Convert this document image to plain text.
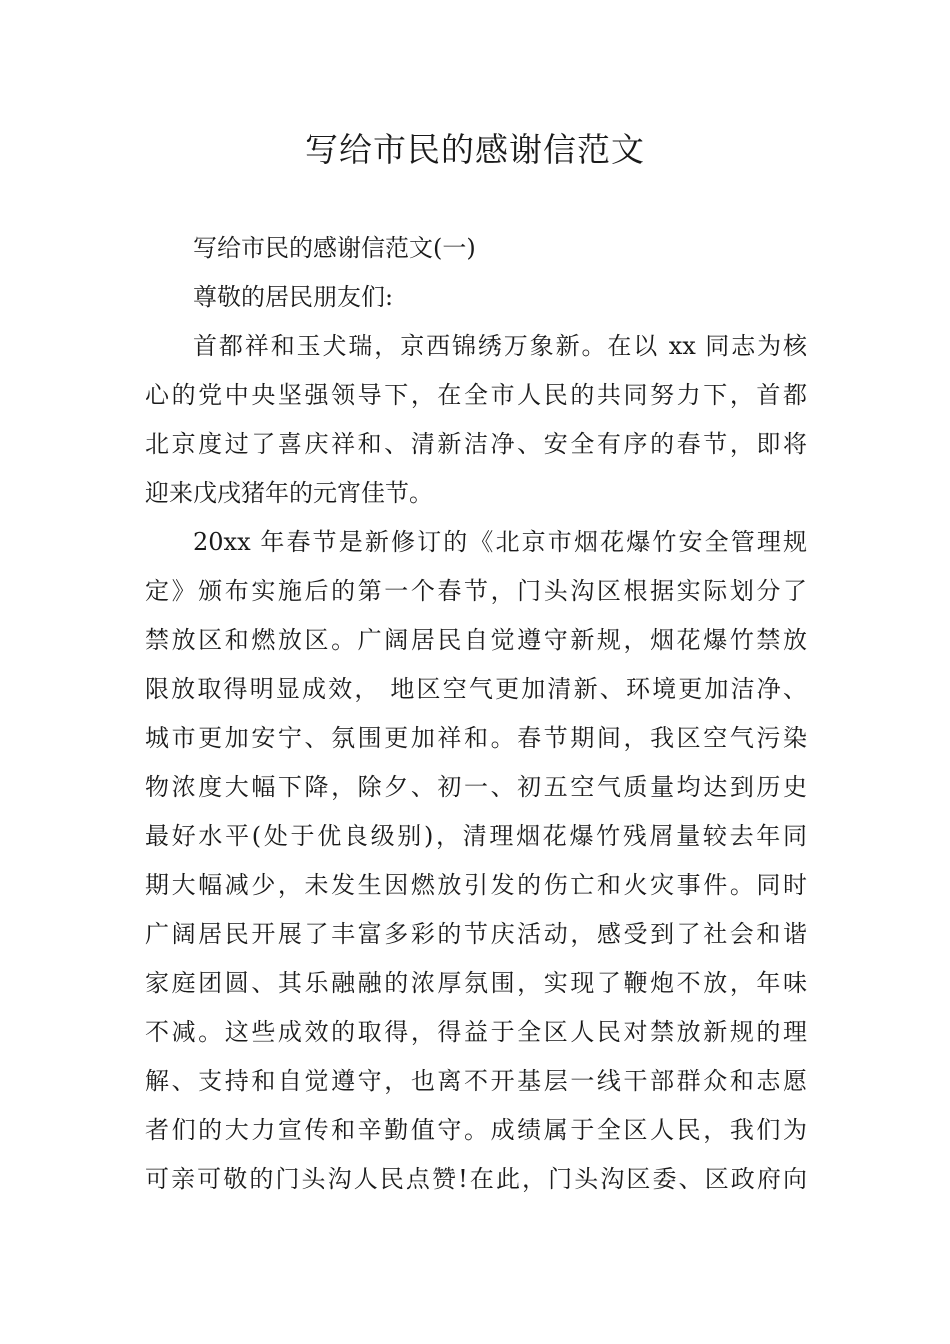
写给市民的感谢信范文

写给市民的感谢信范文(一)

尊敬的居民朋友们:

首都祥和玉犬瑞，京西锦绣万象新。在以 xx 同志为核
心的党中央坚强领导下，在全市人民的共同努力下，首都
北京度过了喜庆祥和、清新洁净、安全有序的春节，即将
迎来戊戌猪年的元宵佳节。

20xx 年春节是新修订的《北京市烟花爆竹安全管理规
定》颁布实施后的第一个春节，门头沟区根据实际划分了
禁放区和燃放区。广阔居民自觉遵守新规，烟花爆竹禁放
限放取得明显成效， 地区空气更加清新、环境更加洁净、
城市更加安宁、氛围更加祥和。春节期间，我区空气污染
物浓度大幅下降，除夕、初一、初五空气质量均达到历史
最好水平(处于优良级别)，清理烟花爆竹残屑量较去年同
期大幅减少，未发生因燃放引发的伤亡和火灾事件。同时
广阔居民开展了丰富多彩的节庆活动，感受到了社会和谐
家庭团圆、其乐融融的浓厚氛围，实现了鞭炮不放，年味
不减。这些成效的取得，得益于全区人民对禁放新规的理
解、支持和自觉遵守，也离不开基层一线干部群众和志愿
者们的大力宣传和辛勤值守。成绩属于全区人民，我们为
可亲可敬的门头沟人民点赞!在此，门头沟区委、区政府向
